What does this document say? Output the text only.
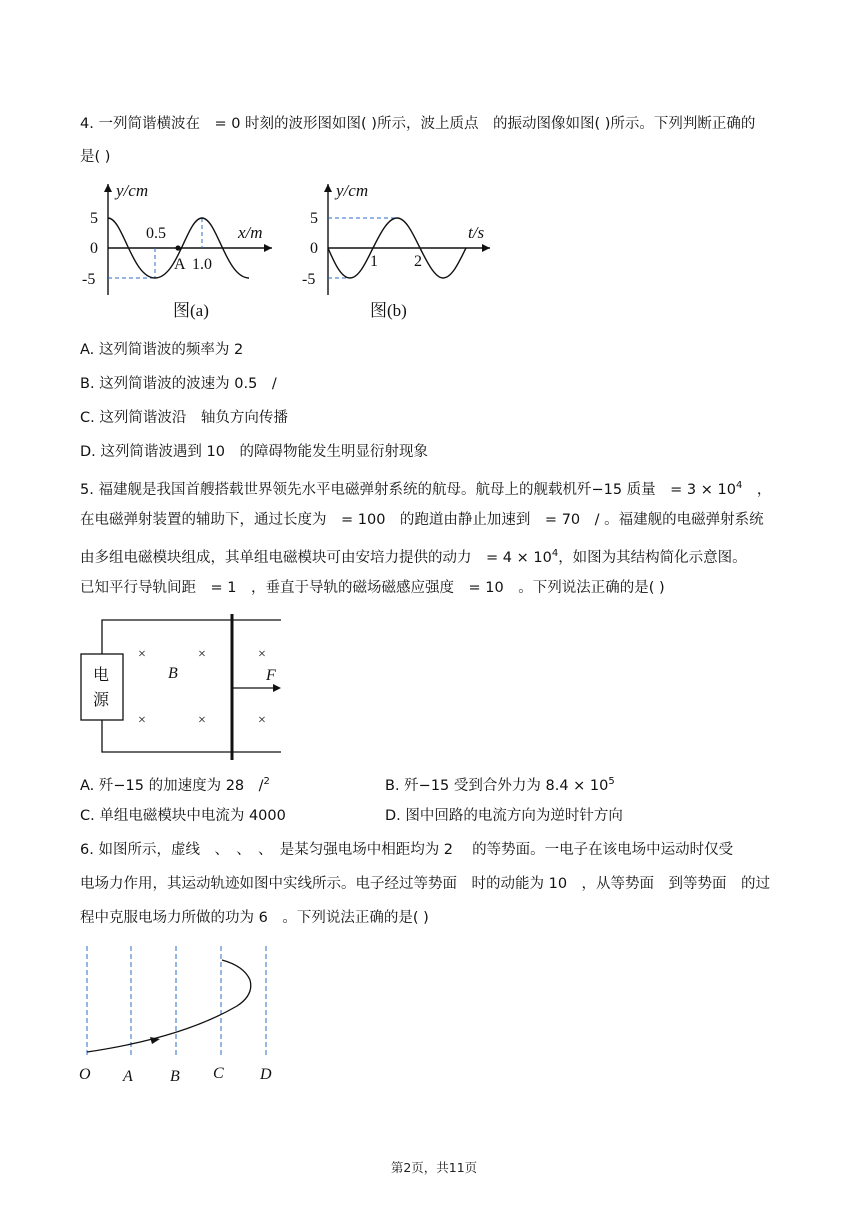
4. 一列简谐横波在　= 0 时刻的波形图如图( )所示，波上质点　的振动图像如图( )所示。下列判断正确的
是( )
y/cm
x/m
5
0
-5
0.5
A 1.0
图(a)
y/cm
t/s
5
0
-5
1 2
图(b)
A. 这列简谐波的频率为 2
B. 这列简谐波的波速为 0.5　/
C. 这列简谐波沿　轴负方向传播
D. 这列简谐波遇到 10　的障碍物能发生明显衍射现象
5. 福建舰是我国首艘搭载世界领先水平电磁弹射系统的航母。航母上的舰载机歼−15 质量　= $3 \times 10^4$　，
在电磁弹射装置的辅助下，通过长度为　= 100　的跑道由静止加速到　= 70　/ 。福建舰的电磁弹射系统
由多组电磁模块组成，其单组电磁模块可由安培力提供的动力　= $4 \times 10^4$，如图为其结构简化示意图。
已知平行导轨间距　= 1　，垂直于导轨的磁场磁感应强度　= 10　。下列说法正确的是( )
电
源
F
B
×	×	×
×	×	×
A. 歼−15 的加速度为 28　/$^2$	B. 歼−15 受到合外力为 $8.4 \times 10^5$
C. 单组电磁模块中电流为 4000	D. 图中回路的电流方向为逆时针方向
6. 如图所示，虚线　、　、　、　是某匀强电场中相距均为 2　 的等势面。一电子在该电场中运动时仅受
电场力作用，其运动轨迹如图中实线所示。电子经过等势面　时的动能为 10　，从等势面　到等势面　的过
程中克服电场力所做的功为 6　。下列说法正确的是( )
O A B C D
第2页，共11页
